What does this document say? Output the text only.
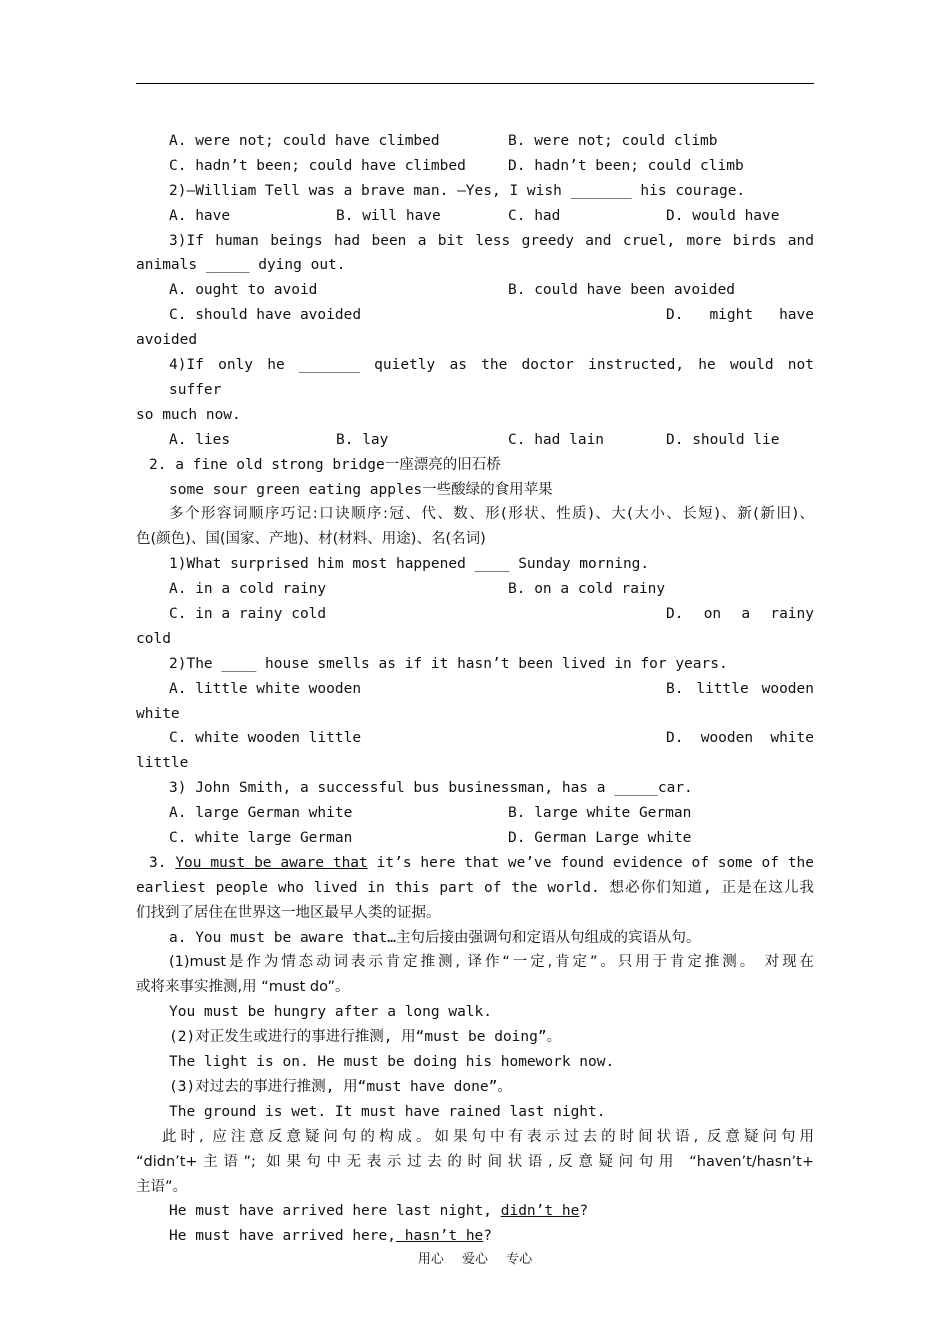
A. were not; could have climbed

	B. were not; could climb

C. hadn’t been; could have climbed

	D. hadn’t been; could climb

2)—William Tell was a brave man. –Yes, I wish _______ his courage.

A. have

	B. will have

	C. had

	D. would have

3)If human beings had been a bit less greedy and cruel, more birds and
animals _____ dying out.

A. ought to avoid

	B. could have been avoided

C. should have avoided

	D. might have

avoided
4)If only he _______ quietly as the doctor instructed, he would not suffer
so much now.

A. lies

	B. lay

	C. had lain

	D. should lie

2. a fine old strong bridge一座漂亮的旧石桥
some sour green eating apples一些酸绿的食用苹果
多个形容词顺序巧记:口诀顺序:冠、代、数、形(形状、性质)、大(大小、长短)、新(新旧)、
色(颜色)、国(国家、产地)、材(材料、用途)、名(名词)
1)What surprised him most happened ____ Sunday morning.

A. in a cold rainy

	B. on a cold rainy

C. in a rainy cold

	D. on a rainy

cold
2)The ____ house smells as if it hasn’t been lived in for years.

A. little white wooden

	B. little wooden

white

C. white wooden little

	D. wooden white

little
3) John Smith, a successful bus businessman, has a _____car.

A. large German white

	B. large white German

C. white large German

	D. German Large white

3. You must be aware that it’s here that we’ve found evidence of some of the
earliest people who lived in this part of the world. 想必你们知道, 正是在这儿我
们找到了居住在世界这一地区最早人类的证据。
a. You must be aware that…主句后接由强调句和定语从句组成的宾语从句。
(1)must是作为情态动词表示肯定推测, 译作“一定,肯定”。只用于肯定推测。 对现在
或将来事实推测,用 “must do”。
You must be hungry after a long walk.
(2)对正发生或进行的事进行推测, 用“must be doing”。
The light is on. He must be doing his homework now.
(3)对过去的事进行推测, 用“must have done”。
The ground is wet. It must have rained last night.
此时, 应注意反意疑问句的构成。如果句中有表示过去的时间状语, 反意疑问句用
“didn’t+主语”; 如果句中无表示过去的时间状语,反意疑问句用 “haven’t/hasn’t+
主语”。
He must have arrived here last night, didn’t he?
He must have arrived here, hasn’t he?
用心 爱心 专心
